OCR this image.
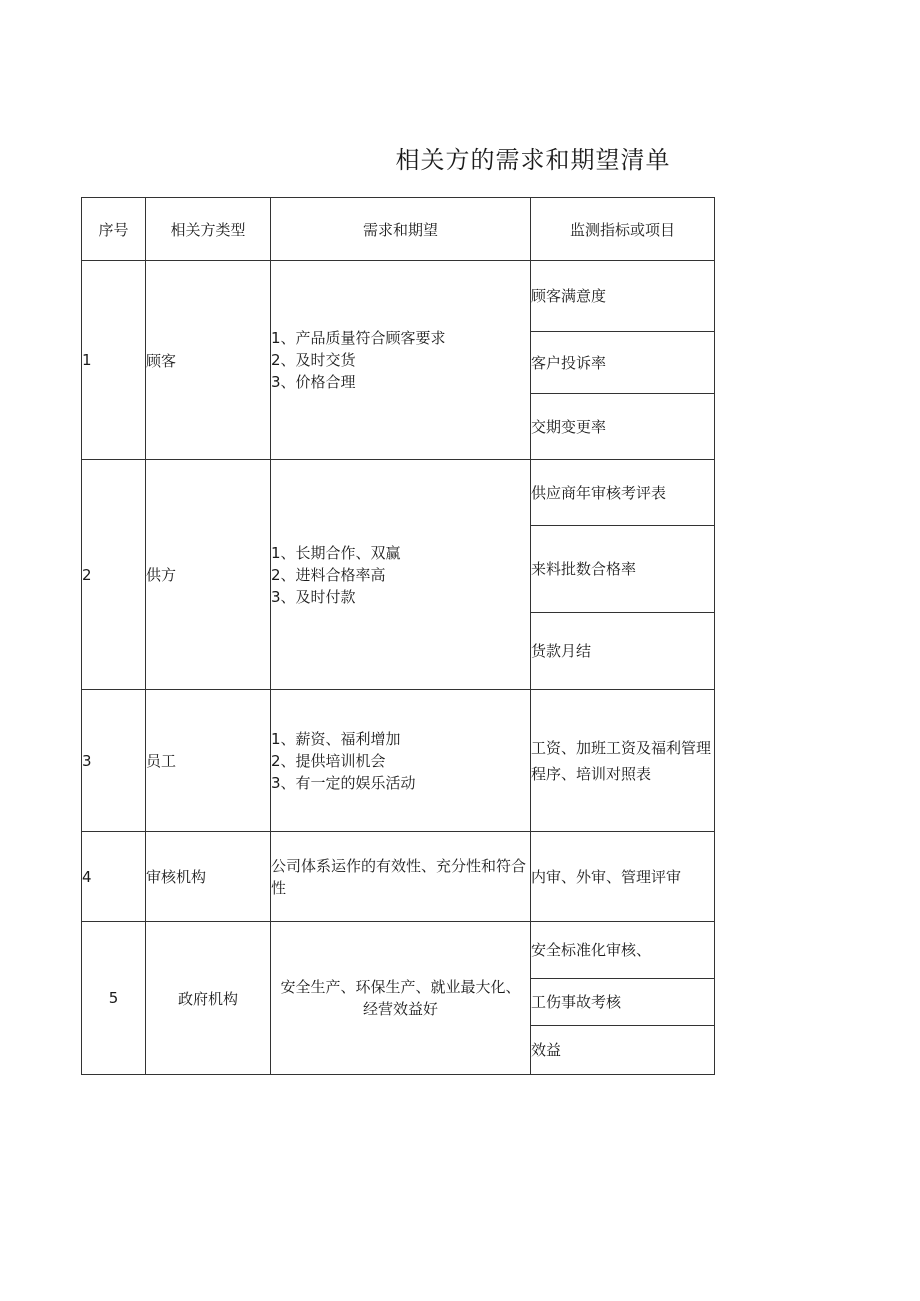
相关方的需求和期望清单
序号	相关方类型	需求和期望	监测指标或项目
1	顾客	1、产品质量符合顾客要求
2、及时交货
3、价格合理	顾客满意度
			客户投诉率
			交期变更率
2	供方	1、长期合作、双赢
2、进料合格率高
3、及时付款	供应商年审核考评表
			来料批数合格率
			货款月结
3	员工	1、薪资、福利增加
2、提供培训机会
3、有一定的娱乐活动	工资、加班工资及福利管理程序、培训对照表
4	审核机构	公司体系运作的有效性、充分性和符合性	内审、外审、管理评审
5	政府机构	安全生产、环保生产、就业最大化、经营效益好	安全标准化审核、
			工伤事故考核
			效益
